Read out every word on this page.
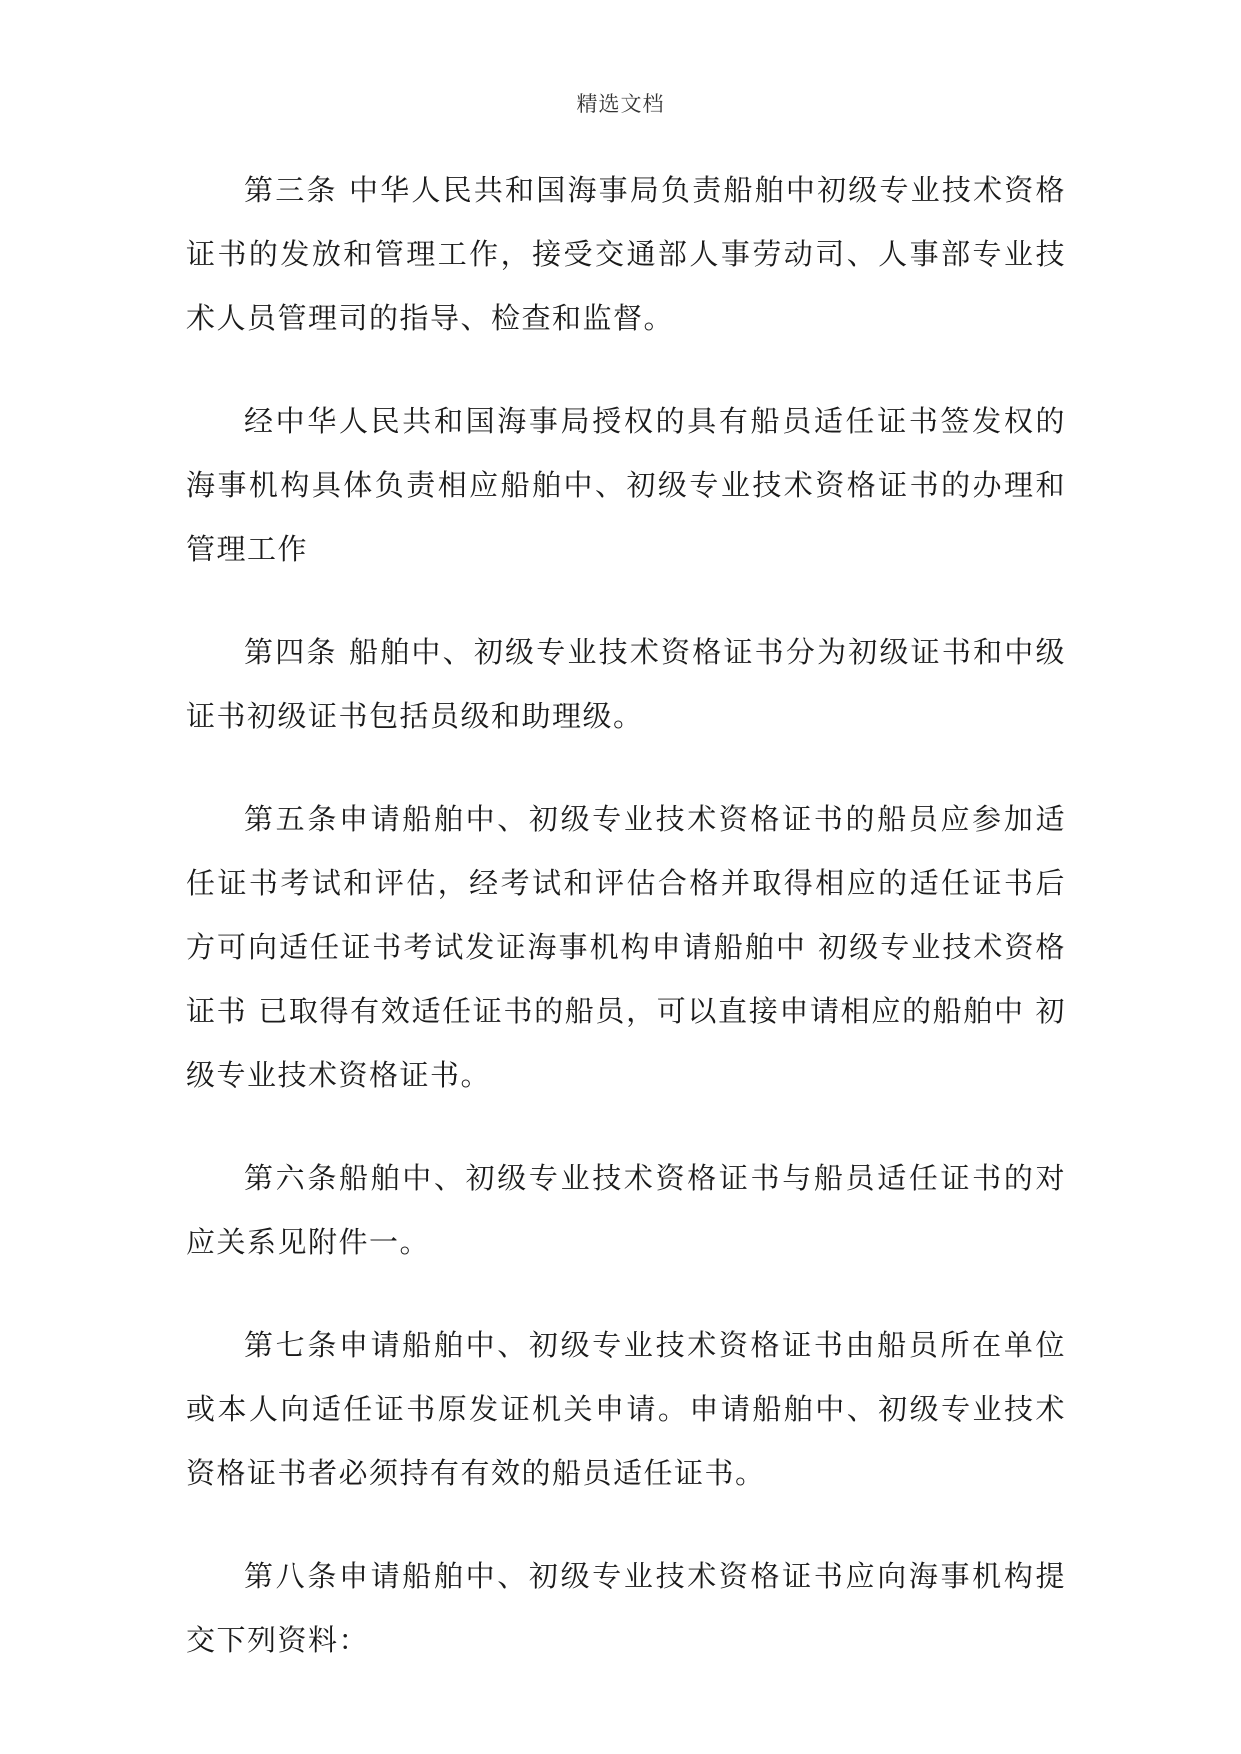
精选文档

第三条 中华人民共和国海事局负责船舶中初级专业技术资格证书的发放和管理工作，接受交通部人事劳动司、人事部专业技术人员管理司的指导、检查和监督。

经中华人民共和国海事局授权的具有船员适任证书签发权的海事机构具体负责相应船舶中、初级专业技术资格证书的办理和管理工作

第四条 船舶中、初级专业技术资格证书分为初级证书和中级证书初级证书包括员级和助理级。

第五条申请船舶中、初级专业技术资格证书的船员应参加适任证书考试和评估，经考试和评估合格并取得相应的适任证书后 方可向适任证书考试发证海事机构申请船舶中 初级专业技术资格证书 已取得有效适任证书的船员，可以直接申请相应的船舶中 初级专业技术资格证书。

第六条船舶中、初级专业技术资格证书与船员适任证书的对应关系见附件一。

第七条申请船舶中、初级专业技术资格证书由船员所在单位或本人向适任证书原发证机关申请。申请船舶中、初级专业技术资格证书者必须持有有效的船员适任证书。

第八条申请船舶中、初级专业技术资格证书应向海事机构提交下列资料：
